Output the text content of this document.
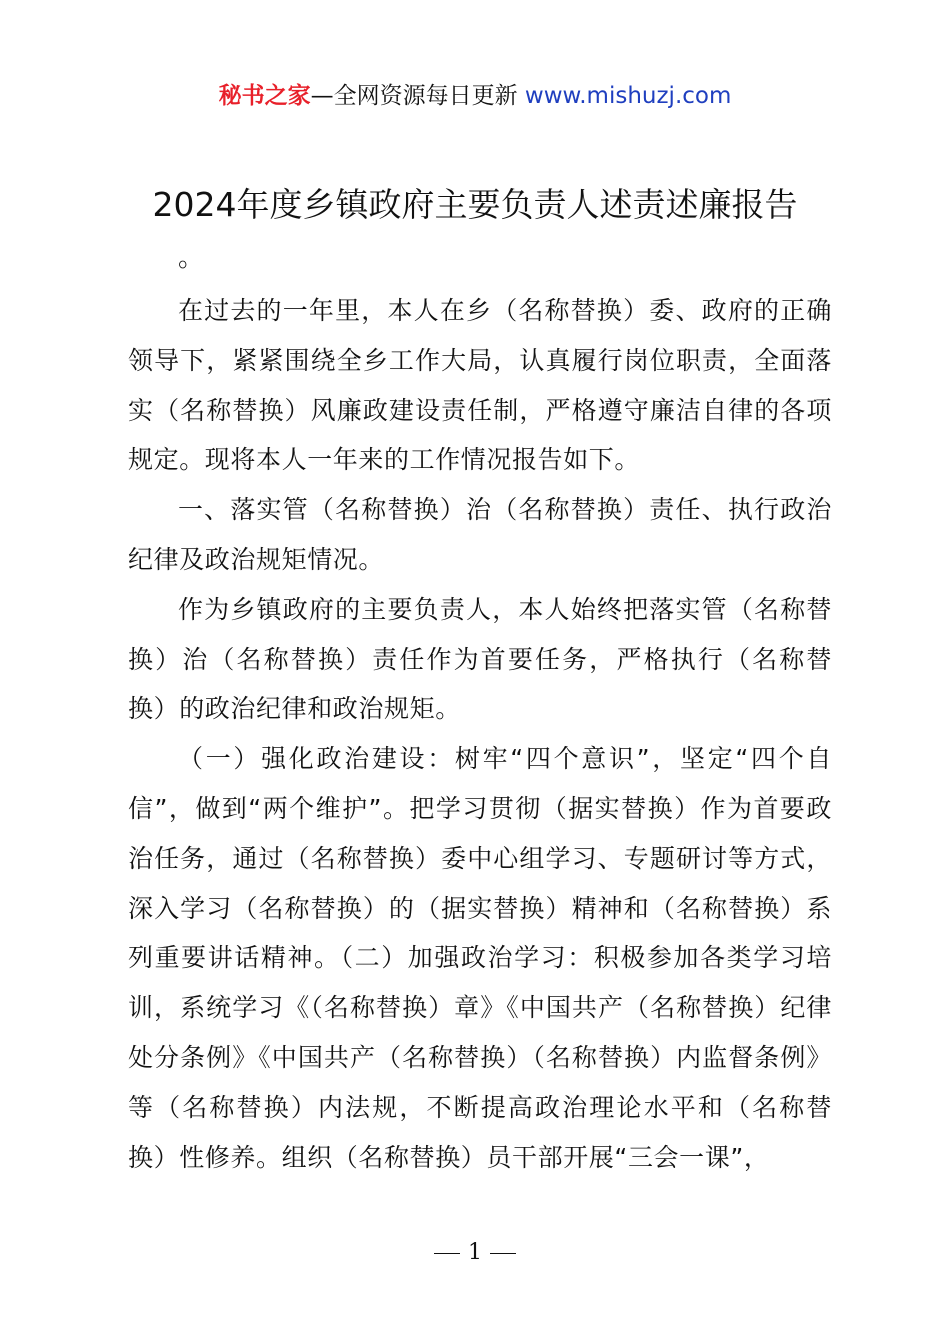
秘书之家—全网资源每日更新 www.mishuzj.com
2024年度乡镇政府主要负责人述责述廉报告
。

在过去的一年里，本人在乡（名称替换）委、政府的正确领导下，紧紧围绕全乡工作大局，认真履行岗位职责，全面落实（名称替换）风廉政建设责任制，严格遵守廉洁自律的各项规定。现将本人一年来的工作情况报告如下。

一、落实管（名称替换）治（名称替换）责任、执行政治纪律及政治规矩情况。

作为乡镇政府的主要负责人，本人始终把落实管（名称替换）治（名称替换）责任作为首要任务，严格执行（名称替换）的政治纪律和政治规矩。

（一）强化政治建设：树牢“四个意识”，坚定“四个自信”，做到“两个维护”。把学习贯彻（据实替换）作为首要政治任务，通过（名称替换）委中心组学习、专题研讨等方式，深入学习（名称替换）的（据实替换）精神和（名称替换）系列重要讲话精神。（二）加强政治学习：积极参加各类学习培训，系统学习《（名称替换）章》《中国共产（名称替换）纪律处分条例》《中国共产（名称替换）（名称替换）内监督条例》等（名称替换）内法规，不断提高政治理论水平和（名称替换）性修养。组织（名称替换）员干部开展“三会一课”，

1
